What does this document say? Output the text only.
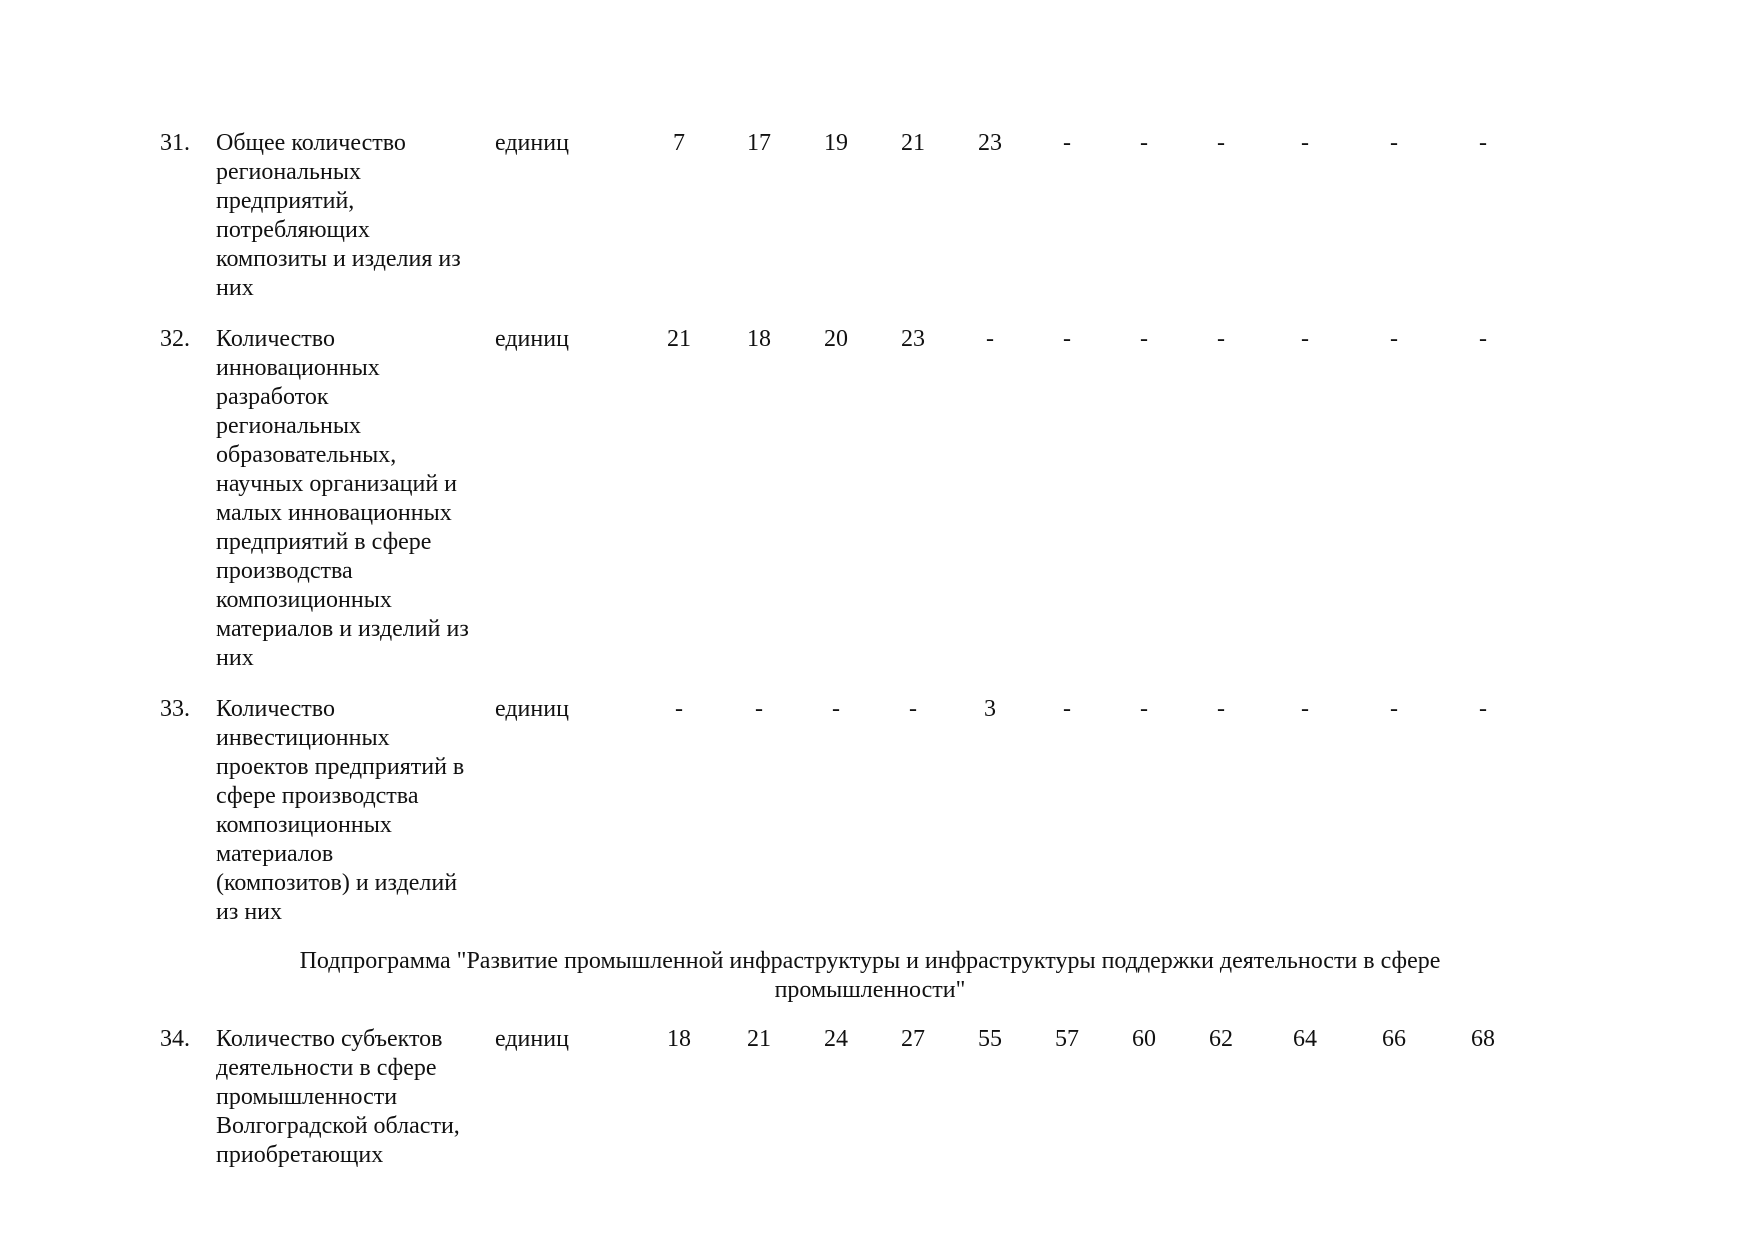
31. Общее количество
региональных
предприятий,
потребляющих
композиты и изделия из
них
единиц	7	17	19	21	23	-	-	-	-	-	-
32. Количество
инновационных
разработок
региональных
образовательных,
научных организаций и
малых инновационных
предприятий в сфере
производства
композиционных
материалов и изделий из
них
единиц	21	18	20	23	-	-	-	-	-	-	-
33. Количество
инвестиционных
проектов предприятий в
сфере производства
композиционных
материалов
(композитов) и изделий
из них
единиц	-	-	-	-	3	-	-	-	-	-	-
Подпрограмма "Развитие промышленной инфраструктуры и инфраструктуры поддержки деятельности в сфере
промышленности"
34. Количество субъектов
деятельности в сфере
промышленности
Волгоградской области,
приобретающих
единиц	18	21	24	27	55	57	60	62	64	66	68
